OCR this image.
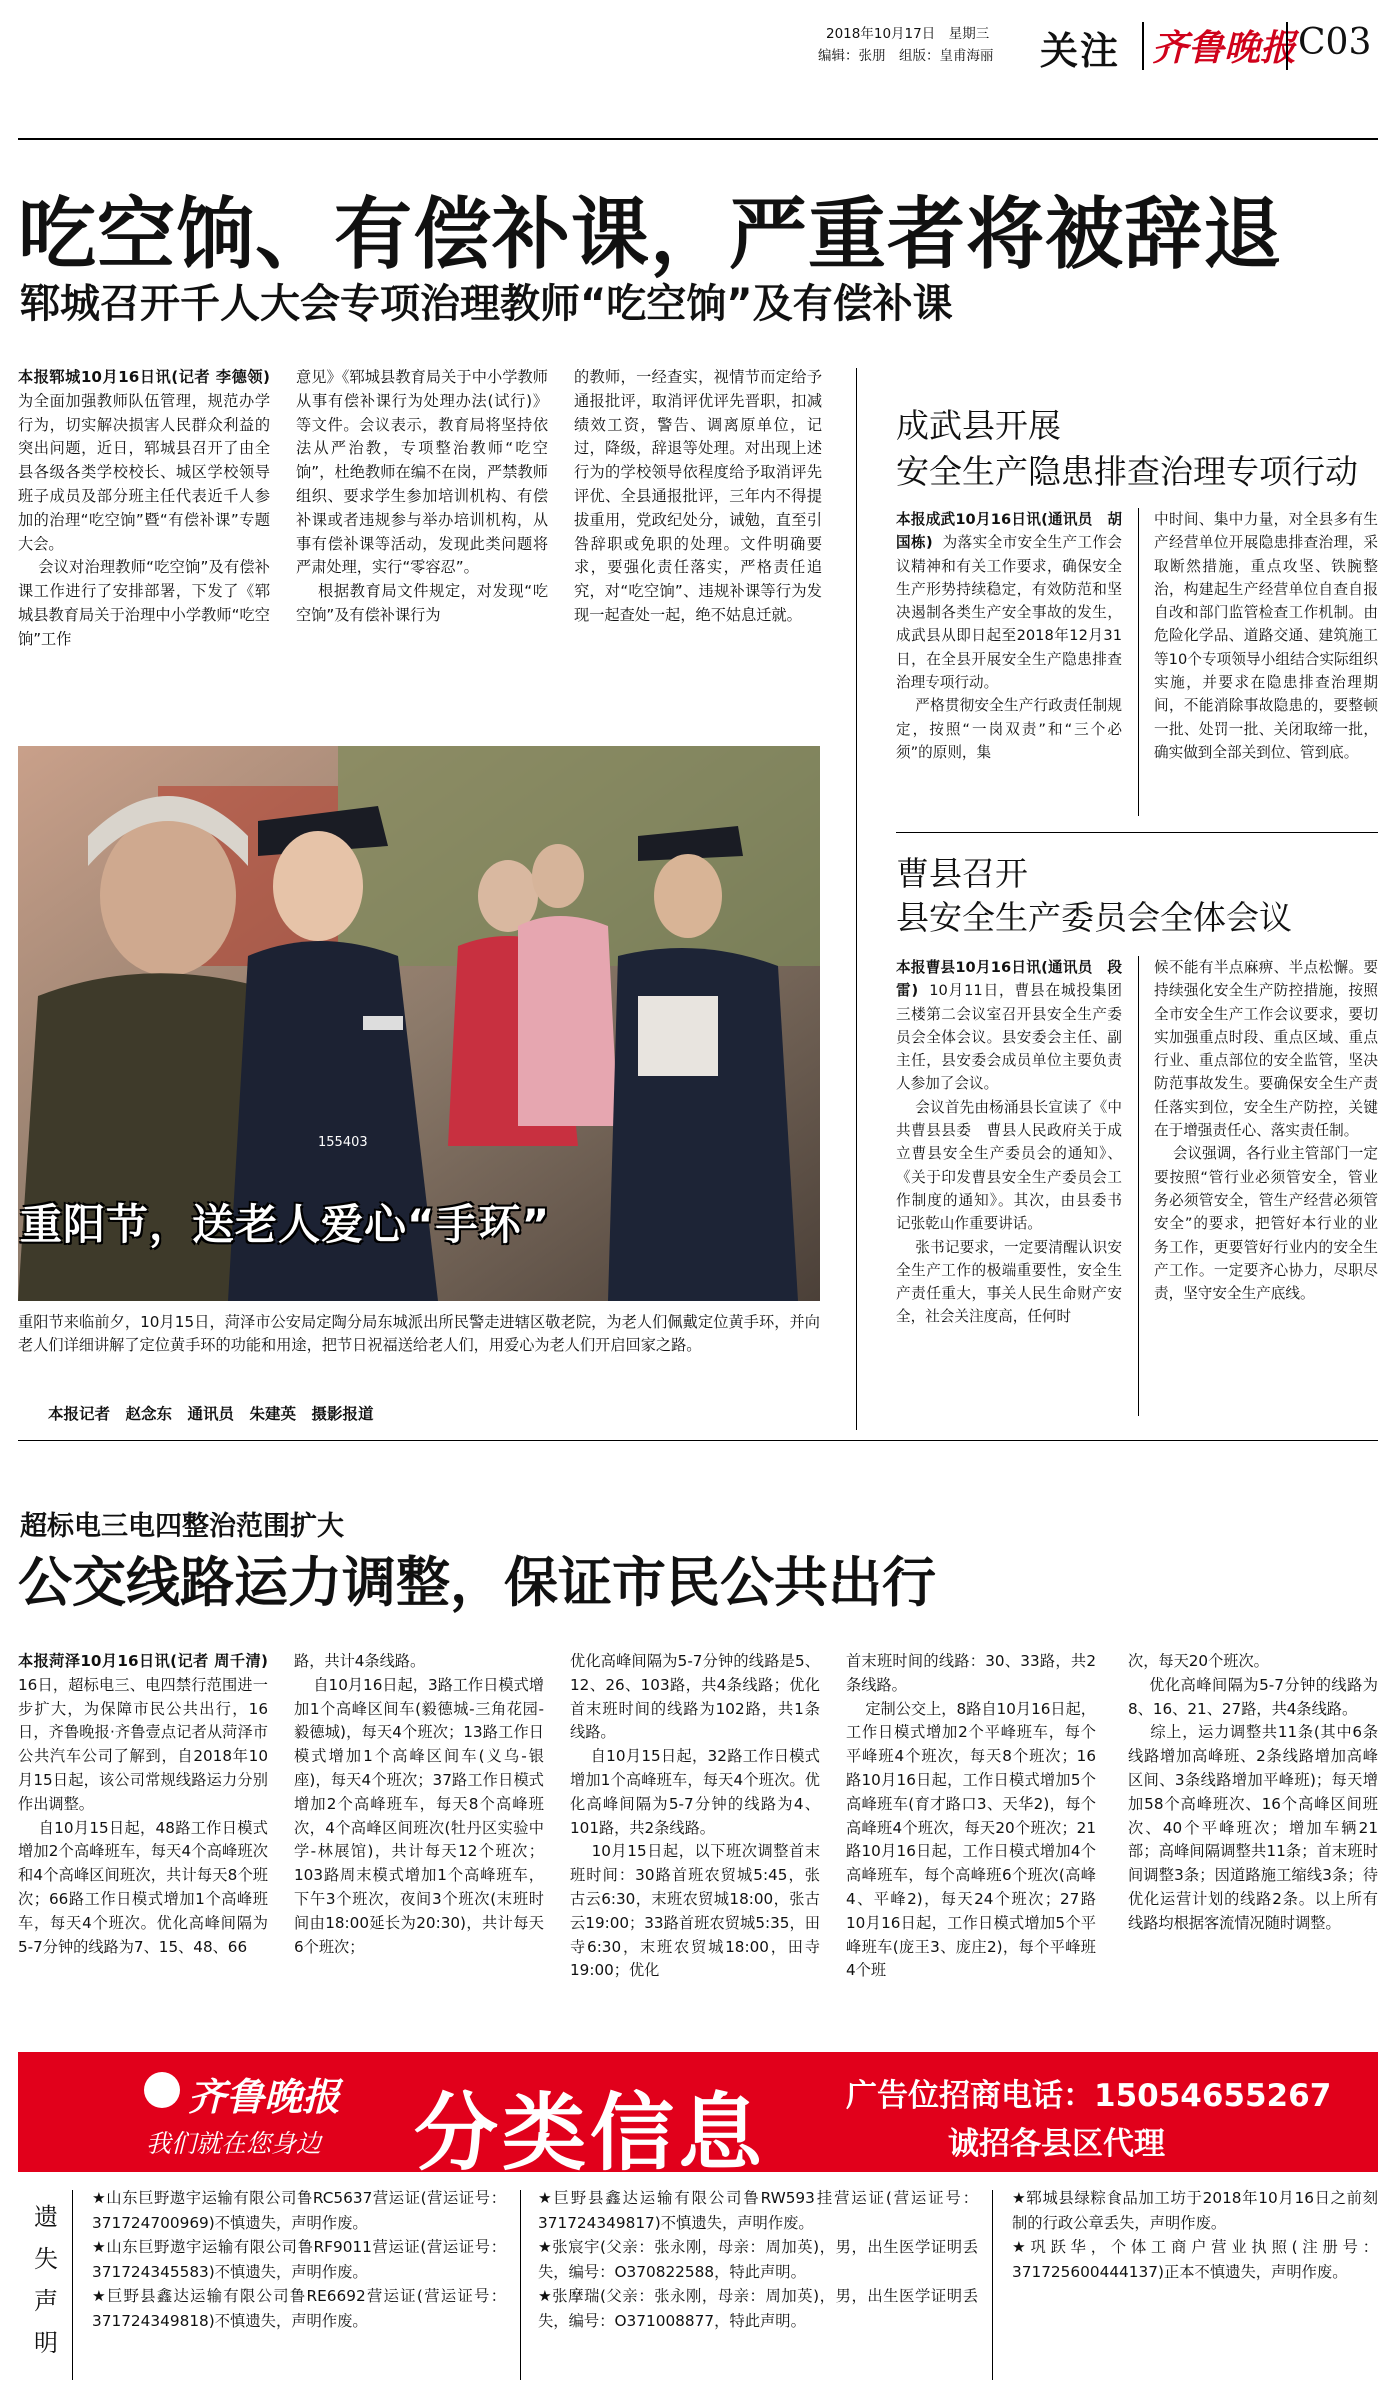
2018年10月17日　 星期三
编辑：张朋　 组版：皇甫海丽 关注 齐鲁晚报 C03
吃空饷、有偿补课，严重者将被辞退
郓城召开千人大会专项治理教师“吃空饷”及有偿补课
本报郓城10月16日讯(记者 李德领)  为全面加强教师队伍管理，规范办学行为，切实解决损害人民群众利益的突出问题，近日，郓城县召开了由全县各级各类学校校长、城区学校领导班子成员及部分班主任代表近千人参加的治理“吃空饷”暨“有偿补课”专题大会。
会议对治理教师“吃空饷”及有偿补课工作进行了安排部署，下发了《郓城县教育局关于治理中小学教师“吃空饷”工作
意见》《郓城县教育局关于中小学教师从事有偿补课行为处理办法(试行)》等文件。会议表示，教育局将坚持依法从严治教，专项整治教师“吃空饷”，杜绝教师在编不在岗，严禁教师组织、要求学生参加培训机构、有偿补课或者违规参与举办培训机构，从事有偿补课等活动，发现此类问题将严肃处理，实行“零容忍”。
根据教育局文件规定，对发现“吃空饷”及有偿补课行为
的教师，一经查实，视情节而定给予通报批评，取消评优评先晋职，扣减绩效工资，警告、调离原单位，记过，降级，辞退等处理。对出现上述行为的学校领导依程度给予取消评先评优、全县通报批评，三年内不得提拔重用，党政纪处分，诫勉，直至引咎辞职或免职的处理。文件明确要求，要强化责任落实，严格责任追究，对“吃空饷”、违规补课等行为发现一起查处一起，绝不姑息迁就。
155403
重阳节，送老人爱心“手环”
重阳节来临前夕，10月15日，菏泽市公安局定陶分局东城派出所民警走进辖区敬老院，为老人们佩戴定位黄手环，并向老人们详细讲解了定位黄手环的功能和用途，把节日祝福送给老人们，用爱心为老人们开启回家之路。
本报记者　赵念东　通讯员　朱建英　摄影报道
成武县开展
安全生产隐患排查治理专项行动
本报成武10月16日讯(通讯员　胡国栋) 为落实全市安全生产工作会议精神和有关工作要求，确保安全生产形势持续稳定，有效防范和坚决遏制各类生产安全事故的发生，成武县从即日起至2018年12月31日，在全县开展安全生产隐患排查治理专项行动。
严格贯彻安全生产行政责任制规定，按照“一岗双责”和“三个必须”的原则，集
中时间、集中力量，对全县多有生产经营单位开展隐患排查治理，采取断然措施，重点攻坚、铁腕整治，构建起生产经营单位自查自报自改和部门监管检查工作机制。由危险化学品、道路交通、建筑施工等10个专项领导小组结合实际组织实施，并要求在隐患排查治理期间，不能消除事故隐患的，要整顿一批、处罚一批、关闭取缔一批，确实做到全部关到位、管到底。
曹县召开
县安全生产委员会全体会议
本报曹县10月16日讯(通讯员　段雷) 10月11日，曹县在城投集团三楼第二会议室召开县安全生产委员会全体会议。县安委会主任、副主任，县安委会成员单位主要负责人参加了会议。
会议首先由杨涌县长宣读了《中共曹县县委　曹县人民政府关于成立曹县安全生产委员会的通知》、《关于印发曹县安全生产委员会工作制度的通知》。其次，由县委书记张乾山作重要讲话。
张书记要求，一定要清醒认识安全生产工作的极端重要性，安全生产责任重大，事关人民生命财产安全，社会关注度高，任何时
候不能有半点麻痹、半点松懈。要持续强化安全生产防控措施，按照全市安全生产工作会议要求，要切实加强重点时段、重点区域、重点行业、重点部位的安全监管，坚决防范事故发生。要确保安全生产责任落实到位，安全生产防控，关键在于增强责任心、落实责任制。
会议强调，各行业主管部门一定要按照“管行业必须管安全，管业务必须管安全，管生产经营必须管安全”的要求，把管好本行业的业务工作，更要管好行业内的安全生产工作。一定要齐心协力，尽职尽责，坚守安全生产底线。
超标电三电四整治范围扩大
公交线路运力调整，保证市民公共出行
本报菏泽10月16日讯(记者 周千清)  16日，超标电三、电四禁行范围进一步扩大，为保障市民公共出行，16日，齐鲁晚报·齐鲁壹点记者从菏泽市公共汽车公司了解到，自2018年10月15日起，该公司常规线路运力分别作出调整。
自10月15日起，48路工作日模式增加2个高峰班车，每天4个高峰班次和4个高峰区间班次，共计每天8个班次；66路工作日模式增加1个高峰班车，每天4个班次。优化高峰间隔为5-7分钟的线路为7、15、48、66
路，共计4条线路。
自10月16日起，3路工作日模式增加1个高峰区间车(毅德城-三角花园-毅德城)，每天4个班次；13路工作日模式增加1个高峰区间车(义乌-银座)，每天4个班次；37路工作日模式增加2个高峰班车，每天8个高峰班次，4个高峰区间班次(牡丹区实验中学-林展馆)，共计每天12个班次；103路周末模式增加1个高峰班车，下午3个班次，夜间3个班次(末班时间由18:00延长为20:30)，共计每天6个班次；
优化高峰间隔为5-7分钟的线路是5、12、26、103路，共4条线路；优化首末班时间的线路为102路，共1条线路。
自10月15日起，32路工作日模式增加1个高峰班车，每天4个班次。优化高峰间隔为5-7分钟的线路为4、101路，共2条线路。
10月15日起，以下班次调整首末班时间：30路首班农贸城5:45，张古云6:30，末班农贸城18:00，张古云19:00；33路首班农贸城5:35，田寺6:30，末班农贸城18:00，田寺19:00；优化
首末班时间的线路：30、33路，共2条线路。
定制公交上，8路自10月16日起，工作日模式增加2个平峰班车，每个平峰班4个班次，每天8个班次；16路10月16日起，工作日模式增加5个高峰班车(育才路口3、天华2)，每个高峰班4个班次，每天20个班次；21路10月16日起，工作日模式增加4个高峰班车，每个高峰班6个班次(高峰4、平峰2)，每天24个班次；27路10月16日起，工作日模式增加5个平峰班车(庞王3、庞庄2)，每个平峰班4个班
次，每天20个班次。
优化高峰间隔为5-7分钟的线路为8、16、21、27路，共4条线路。
综上，运力调整共11条(其中6条线路增加高峰班、2条线路增加高峰区间、3条线路增加平峰班)；每天增加58个高峰班次、16个高峰区间班次、40个平峰班次；增加车辆21部；高峰间隔调整共11条；首末班时间调整3条；因道路施工缩线3条；待优化运营计划的线路2条。以上所有线路均根据客流情况随时调整。
齐鲁晚报
我们就在您身边 分类信息	广告位招商电话：15054655267
诚招各县区代理
遗失声明
★山东巨野遨宇运输有限公司鲁RC5637营运证(营运证号：371724700969)不慎遗失，声明作废。
★山东巨野遨宇运输有限公司鲁RF9011营运证(营运证号：371724345583)不慎遗失，声明作废。
★巨野县鑫达运输有限公司鲁RE6692营运证(营运证号：371724349818)不慎遗失，声明作废。
★巨野县鑫达运输有限公司鲁RW593挂营运证(营运证号：371724349817)不慎遗失，声明作废。
★张宸宇(父亲：张永刚，母亲：周加英)，男，出生医学证明丢失，编号：O370822588，特此声明。
★张摩瑞(父亲：张永刚，母亲：周加英)，男，出生医学证明丢失，编号：O371008877，特此声明。
★郓城县绿粽食品加工坊于2018年10月16日之前刻制的行政公章丢失，声明作废。
★巩跃华，个体工商户营业执照(注册号：371725600444137)正本不慎遗失，声明作废。
